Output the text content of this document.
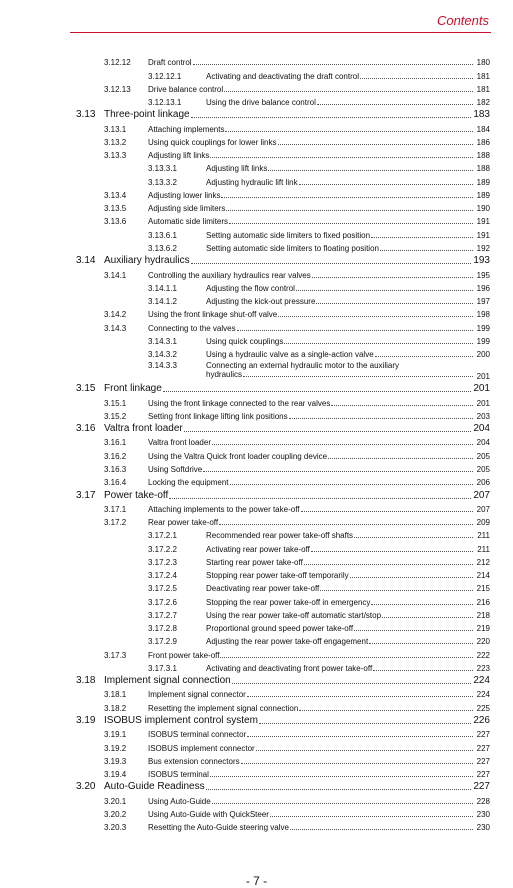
Contents
3.12.12	Draft control	180
3.12.12.1	Activating and deactivating the draft control	181
3.12.13	Drive balance control	181
3.12.13.1	Using the drive balance control	182
3.13 Three-point linkage	183
3.13.1	Attaching implements	184
3.13.2	Using quick couplings for lower links	186
3.13.3	Adjusting lift links	188
3.13.3.1	Adjusting lift links	188
3.13.3.2	Adjusting hydraulic lift link	189
3.13.4	Adjusting lower links	189
3.13.5	Adjusting side limiters	190
3.13.6	Automatic side limiters	191
3.13.6.1	Setting automatic side limiters to fixed position	191
3.13.6.2	Setting automatic side limiters to floating position	192
3.14 Auxiliary hydraulics	193
3.14.1	Controlling the auxiliary hydraulics rear valves	195
3.14.1.1	Adjusting the flow control	196
3.14.1.2	Adjusting the kick-out pressure	197
3.14.2	Using the front linkage shut-off valve	198
3.14.3	Connecting to the valves	199
3.14.3.1	Using quick couplings	199
3.14.3.2	Using a hydraulic valve as a single-action valve	200
3.14.3.3	Connecting an external hydraulic motor to the auxiliary
hydraulics	201
3.15 Front linkage	201
3.15.1	Using the front linkage connected to the rear valves	201
3.15.2	Setting front linkage lifting link positions	203
3.16 Valtra front loader	204
3.16.1	Valtra front loader	204
3.16.2	Using the Valtra Quick front loader coupling device	205
3.16.3	Using Softdrive	205
3.16.4	Locking the equipment	206
3.17 Power take-off	207
3.17.1	Attaching implements to the power take-off	207
3.17.2	Rear power take-off	209
3.17.2.1	Recommended rear power take-off shafts	211
3.17.2.2	Activating rear power take-off	211
3.17.2.3	Starting rear power take-off	212
3.17.2.4	Stopping rear power take-off temporarily	214
3.17.2.5	Deactivating rear power take-off	215
3.17.2.6	Stopping the rear power take-off in emergency	216
3.17.2.7	Using the rear power take-off automatic start/stop	218
3.17.2.8	Proportional ground speed power take-off	219
3.17.2.9	Adjusting the rear power take-off engagement	220
3.17.3	Front power take-off	222
3.17.3.1	Activating and deactivating front power take-off	223
3.18 Implement signal connection	224
3.18.1	Implement signal connector	224
3.18.2	Resetting the implement signal connection	225
3.19 ISOBUS implement control system	226
3.19.1	ISOBUS terminal connector	227
3.19.2	ISOBUS implement connector	227
3.19.3	Bus extension connectors	227
3.19.4	ISOBUS terminal	227
3.20 Auto-Guide Readiness	227
3.20.1	Using Auto-Guide	228
3.20.2	Using Auto-Guide with QuickSteer	230
3.20.3	Resetting the Auto-Guide steering valve	230
- 7 -
